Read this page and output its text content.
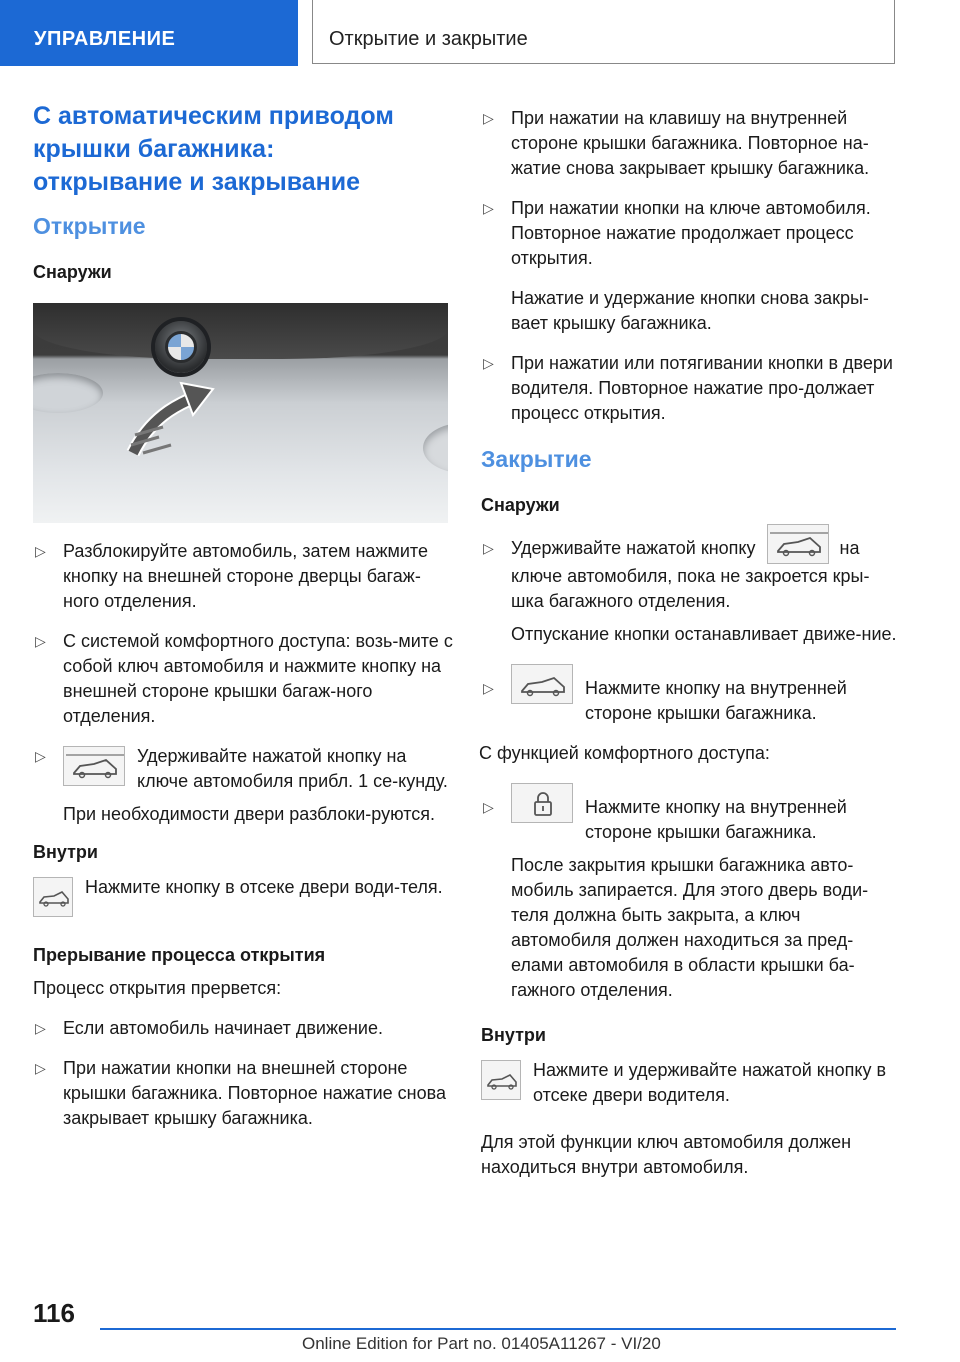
УПРАВЛЕНИЕ	Открытие и закрытие
С автоматическим приводом
крышки багажника:
открывание и закрывание
Открытие
Снаружи
▷ Разблокируйте автомобиль, затем нажмите кнопку на внешней стороне дверцы багаж-ного отделения.
▷ С системой комфортного доступа: возь-мите с собой ключ автомобиля и нажмите кнопку на внешней стороне крышки багаж-ного отделения.
▷	Удерживайте нажатой кнопку на ключе автомобиля прибл. 1 се-кунду.
При необходимости двери разблоки-руются.
Внутри
Нажмите кнопку в отсеке двери води-теля.
Прерывание процесса открытия
Процесс открытия прервется:
▷ Если автомобиль начинает движение.
▷ При нажатии кнопки на внешней стороне крышки багажника. Повторное нажатие снова закрывает крышку багажника.
▷ При нажатии на клавишу на внутренней стороне крышки багажника. Повторное на-жатие снова закрывает крышку багажника.
▷ При нажатии кнопки на ключе автомобиля. Повторное нажатие продолжает процесс открытия.
Нажатие и удержание кнопки снова закры-вает крышку багажника.
▷ При нажатии или потягивании кнопки в двери водителя. Повторное нажатие про-должает процесс открытия.
Закрытие
Снаружи
▷ Удерживайте нажатой кнопку	на ключе автомобиля, пока не закроется кры-шка багажного отделения.
Отпускание кнопки останавливает движе-ние.
▷	Нажмите кнопку на внутренней стороне крышки багажника.
С функцией комфортного доступа:
▷	Нажмите кнопку на внутренней стороне крышки багажника.
После закрытия крышки багажника авто-мобиль запирается. Для этого дверь води-теля должна быть закрыта, а ключ автомобиля должен находиться за пред-елами автомобиля в области крышки ба-гажного отделения.
Внутри
Нажмите и удерживайте нажатой кнопку в отсеке двери водителя.
Для этой функции ключ автомобиля должен находиться внутри автомобиля.
116
Online Edition for Part no. 01405A11267 - VI/20
